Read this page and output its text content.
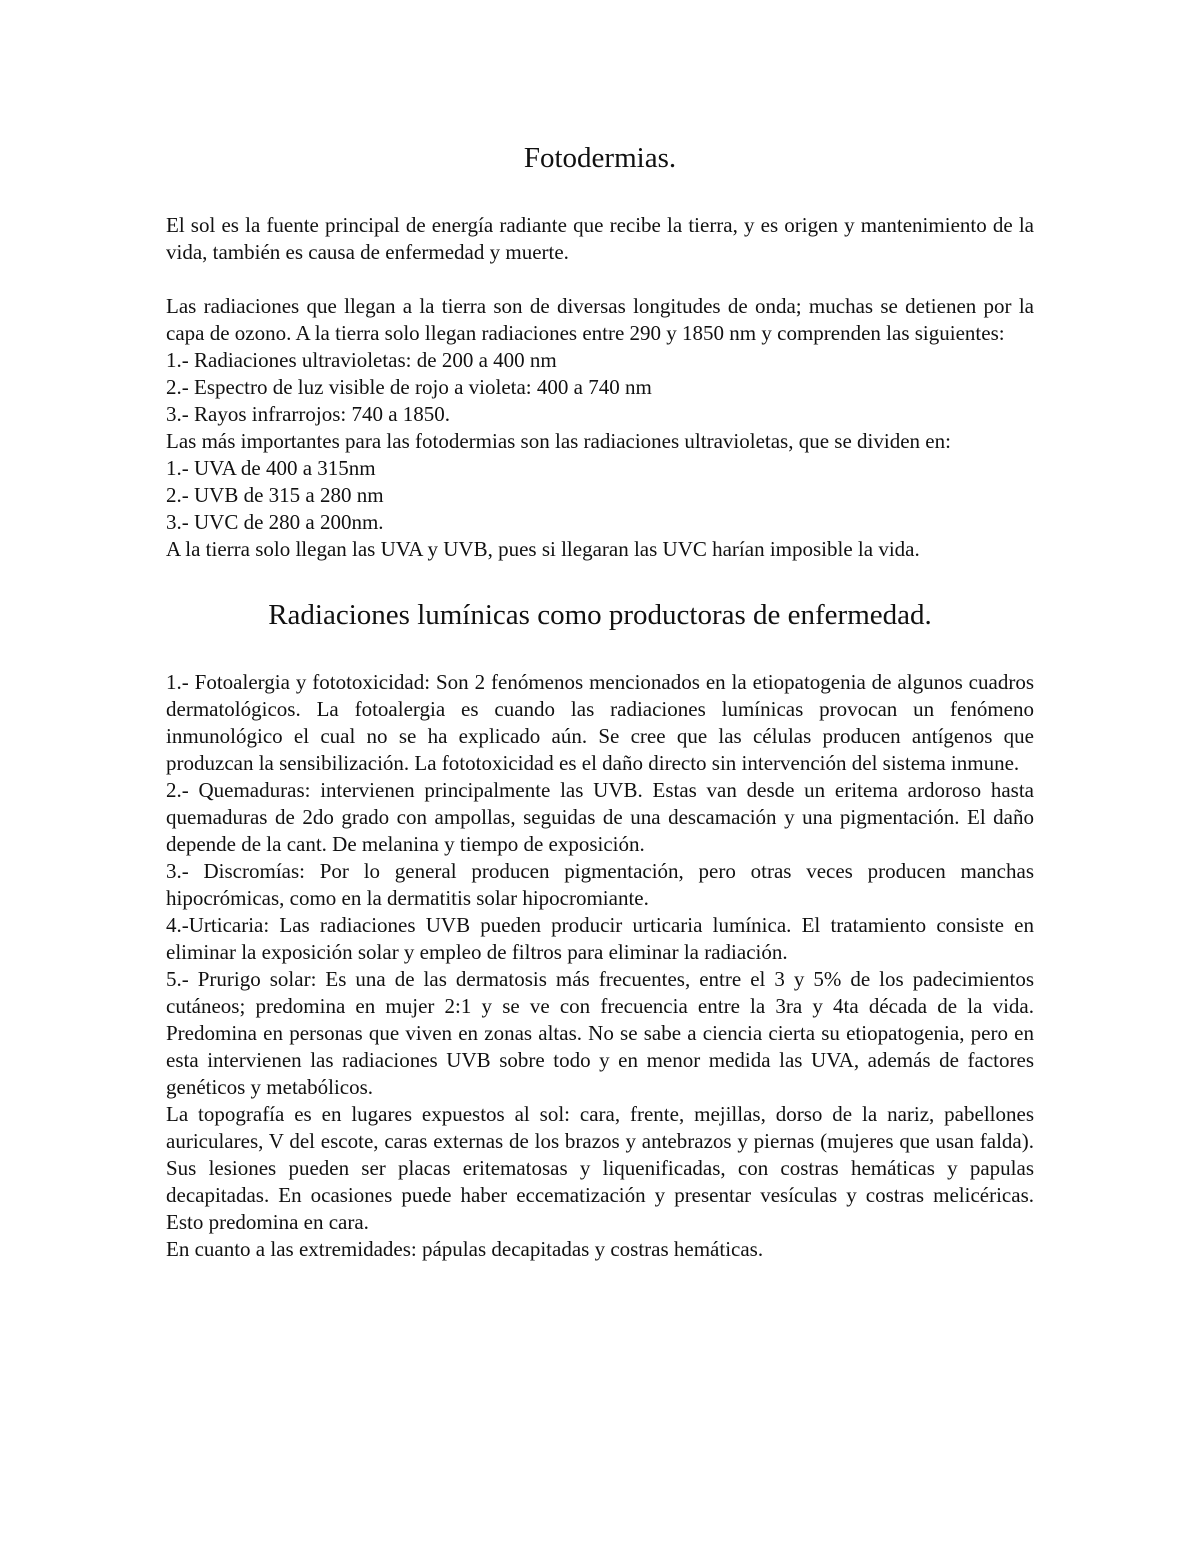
Fotodermias.

El sol es la fuente principal de energía radiante que recibe la tierra, y es origen y mantenimiento de la vida, también es causa de enfermedad y muerte.

Las radiaciones que llegan a la tierra son de diversas longitudes de onda; muchas se detienen por la capa de ozono. A la tierra solo llegan radiaciones entre 290 y 1850 nm y comprenden las siguientes:

1.- Radiaciones ultravioletas: de 200 a 400 nm

2.- Espectro de luz visible de rojo a violeta: 400 a 740 nm

3.- Rayos infrarrojos: 740 a 1850.

Las más importantes para las fotodermias son las radiaciones ultravioletas, que se dividen en:

1.- UVA de 400 a 315nm

2.- UVB de 315 a 280 nm

3.- UVC de 280 a 200nm.

A la tierra solo llegan las UVA y UVB, pues si llegaran las UVC harían imposible la vida.

Radiaciones lumínicas como productoras de enfermedad.

1.- Fotoalergia y fototoxicidad: Son 2 fenómenos mencionados en la etiopatogenia de algunos cuadros dermatológicos. La fotoalergia es cuando las radiaciones lumínicas provocan un fenómeno inmunológico el cual no se ha explicado aún. Se cree que las células producen antígenos que produzcan la sensibilización. La fototoxicidad es el daño directo sin intervención del sistema inmune.

2.- Quemaduras: intervienen principalmente las UVB. Estas van desde un eritema ardoroso hasta quemaduras de 2do grado con ampollas, seguidas de una descamación y una pigmentación. El daño depende de la cant. De melanina y tiempo de exposición.

3.- Discromías: Por lo general producen pigmentación, pero otras veces producen manchas hipocrómicas, como en la dermatitis solar hipocromiante.

4.-Urticaria: Las radiaciones UVB pueden producir urticaria lumínica. El tratamiento consiste en eliminar la exposición solar y empleo de filtros para eliminar la radiación.

5.- Prurigo solar: Es una de las dermatosis más frecuentes, entre el 3 y 5% de los padecimientos cutáneos; predomina en mujer 2:1 y se ve con frecuencia entre la 3ra y 4ta década de la vida. Predomina en personas que viven en zonas altas. No se sabe a ciencia cierta su etiopatogenia, pero en esta intervienen las radiaciones UVB sobre todo y en menor medida las UVA, además de factores genéticos y metabólicos.

La topografía es en lugares expuestos al sol: cara, frente, mejillas, dorso de la nariz, pabellones auriculares, V del escote, caras externas de los brazos y antebrazos y piernas (mujeres que usan falda).

Sus lesiones pueden ser placas eritematosas y liquenificadas, con costras hemáticas y papulas decapitadas. En ocasiones puede haber eccematización y presentar vesículas y costras melicéricas. Esto predomina en cara.

En cuanto a las extremidades: pápulas decapitadas y costras hemáticas.
